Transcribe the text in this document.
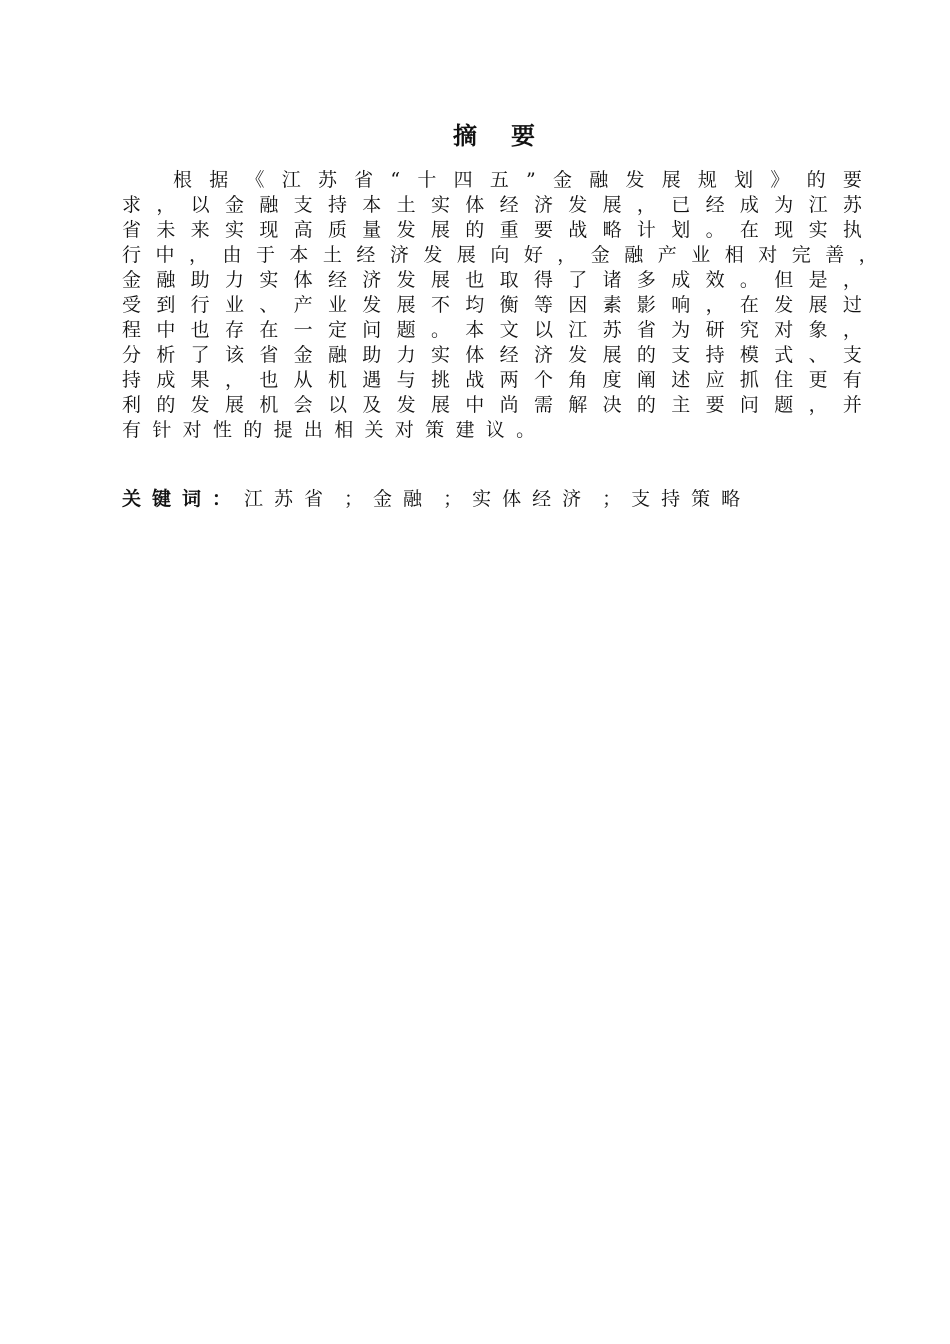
摘 要
根 据 《 江 苏 省 “ 十 四 五 ” 金 融 发 展 规 划 》 的 要
求 ， 以 金 融 支 持 本 土 实 体 经 济 发 展 ， 已 经 成 为 江 苏
省 未 来 实 现 高 质 量 发 展 的 重 要 战 略 计 划 。 在 现 实 执
行 中 ， 由 于 本 土 经 济 发 展 向 好 ， 金 融 产 业 相 对 完 善 ，
金 融 助 力 实 体 经 济 发 展 也 取 得 了 诸 多 成 效 。 但 是 ，
受 到 行 业 、 产 业 发 展 不 均 衡 等 因 素 影 响 ， 在 发 展 过
程 中 也 存 在 一 定 问 题 。 本 文 以 江 苏 省 为 研 究 对 象 ，
分 析 了 该 省 金 融 助 力 实 体 经 济 发 展 的 支 持 模 式 、 支
持 成 果 ， 也 从 机 遇 与 挑 战 两 个 角 度 阐 述 应 抓 住 更 有
利 的 发 展 机 会 以 及 发 展 中 尚 需 解 决 的 主 要 问 题 ， 并
有 针 对 性 的 提 出 相 关 对 策 建 议 。
关键词： 江苏省 ； 金融 ； 实体经济 ； 支持策略
